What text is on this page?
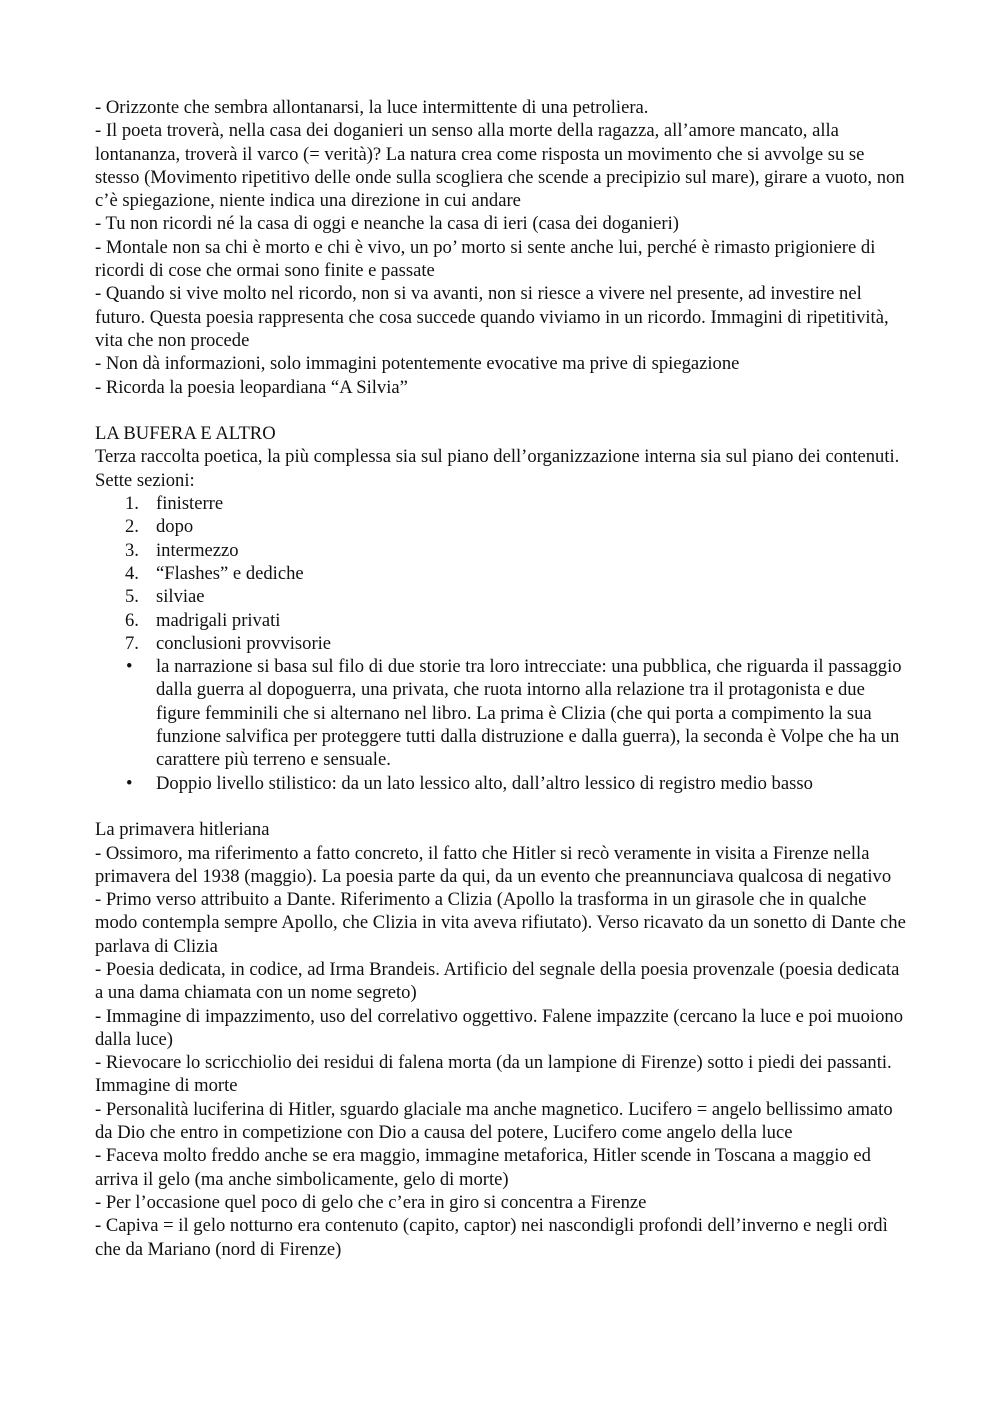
- Orizzonte che sembra allontanarsi, la luce intermittente di una petroliera.

- Il poeta troverà, nella casa dei doganieri un senso alla morte della ragazza, all’amore mancato, alla lontananza, troverà il varco (= verità)? La natura crea come risposta un movimento che si avvolge su se stesso (Movimento ripetitivo delle onde sulla scogliera che scende a precipizio sul mare), girare a vuoto, non c’è spiegazione, niente indica una direzione in cui andare

- Tu non ricordi né la casa di oggi e neanche la casa di ieri (casa dei doganieri)

- Montale non sa chi è morto e chi è vivo, un po’ morto si sente anche lui, perché è rimasto prigioniere di ricordi di cose che ormai sono finite e passate

- Quando si vive molto nel ricordo, non si va avanti, non si riesce a vivere nel presente, ad investire nel futuro. Questa poesia rappresenta che cosa succede quando viviamo in un ricordo. Immagini di ripetitività, vita che non procede

- Non dà informazioni, solo immagini potentemente evocative ma prive di spiegazione

- Ricorda la poesia leopardiana “A Silvia”

LA BUFERA E ALTRO

Terza raccolta poetica, la più complessa sia sul piano dell’organizzazione interna sia sul piano dei contenuti. Sette sezioni:

1. finisterre
2. dopo
3. intermezzo
4. “Flashes” e dediche
5. silviae
6. madrigali privati
7. conclusioni provvisorie
• la narrazione si basa sul filo di due storie tra loro intrecciate: una pubblica, che riguarda il passaggio dalla guerra al dopoguerra, una privata, che ruota intorno alla relazione tra il protagonista e due figure femminili che si alternano nel libro. La prima è Clizia (che qui porta a compimento la sua funzione salvifica per proteggere tutti dalla distruzione e dalla guerra), la seconda è Volpe che ha un carattere più terreno e sensuale.
• Doppio livello stilistico: da un lato lessico alto, dall’altro lessico di registro medio basso

La primavera hitleriana

- Ossimoro, ma riferimento a fatto concreto, il fatto che Hitler si recò veramente in visita a Firenze nella primavera del 1938 (maggio). La poesia parte da qui, da un evento che preannunciava qualcosa di negativo

- Primo verso attribuito a Dante. Riferimento a Clizia (Apollo la trasforma in un girasole che in qualche modo contempla sempre Apollo, che Clizia in vita aveva rifiutato). Verso ricavato da un sonetto di Dante che parlava di Clizia

- Poesia dedicata, in codice, ad Irma Brandeis. Artificio del segnale della poesia provenzale (poesia dedicata a una dama chiamata con un nome segreto)

- Immagine di impazzimento, uso del correlativo oggettivo. Falene impazzite (cercano la luce e poi muoiono dalla luce)

- Rievocare lo scricchiolio dei residui di falena morta (da un lampione di Firenze) sotto i piedi dei passanti. Immagine di morte

- Personalità luciferina di Hitler, sguardo glaciale ma anche magnetico. Lucifero = angelo bellissimo amato da Dio che entro in competizione con Dio a causa del potere, Lucifero come angelo della luce

- Faceva molto freddo anche se era maggio, immagine metaforica, Hitler scende in Toscana a maggio ed arriva il gelo (ma anche simbolicamente, gelo di morte)

- Per l’occasione quel poco di gelo che c’era in giro si concentra a Firenze

- Capiva = il gelo notturno era contenuto (capito, captor) nei nascondigli profondi dell’inverno e negli ordì che da Mariano (nord di Firenze)
